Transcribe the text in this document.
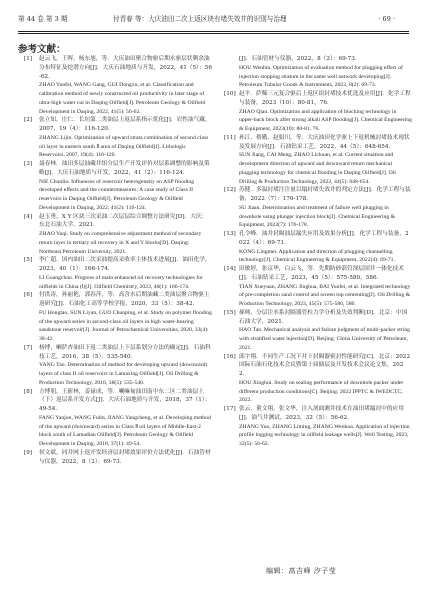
第 44 卷 第 3 期	付青春 等：大庆油田二次上返区块有堵失效井的识别与治理	· 69 ·
参考文献：
[1]	赵云飞，王晖，杨东旭，等．大庆油田聚合物驱后期水驱层状剩余油分布特征及挖潜方向[J]．大庆石油地质与开发，2022，41（5）：56-62．
ZHAO Yunfei, WANG Gang, GUI Dongxu, et al. Classification and calibration method of newly constructed oil productivity in later stage of ultra-high water cut in Daqing Oilfield[J]. Petroleum Geology & Oilfield Development in Daqing, 2022, 41(5): 56-62.
[2]	张立知，庄仁．长垣第二类油层上返层系指示优化[J]．岩性油气藏，2007，19（4）：116-120．
ZHANG Lijin. Optimization of upward strata combination of second class oil layer in eastern south Ⅱ area of Daqing Oilfield[J]. Lithologic Reservoirs, 2007, 19(4): 116-120.
[3]	聂春林．油田多层油藏井组分层生产开发评价对层系调整的影响及策略[J]．大庆石油地质与开发，2022，41（2）：116-124．
NIE Chunlin. Influences of reservoir heterogeneity on ASP flooding developed effects and the countermeasures: A case study of Class II reservoirs in Daqing Oilfield[J]. Petroleum Geology & Oilfield Development in Daqing, 2022, 41(2): 116-124.
[4]	赵玉勇，X Y 区块三次采油二次层层综合调整方法研究[D]．大庆：东北石油大学，2021．
ZHAO Yuqi. Study on comprehensive adjustment method of secondary return layer in tertiary oil recovery in X and Y blocks[D]. Daqing: Northeast Petroleum University, 2021.
[5]	李广超．国内油田二次采油提高采收率主体技术进展[J]．油田化学，2023，40（1）：166-174．
LI Guangchao. Progress of main enhanced oil recovery technologies for oilfields in China (Ⅰ)[J]. Oilfield Chemistry, 2023, 40(1): 166-174.
[6]	付洪涛，孙丽艳，郭春萍，等．高含水后期油藏二类油层聚合物驱上返研究[J]．石油化工高等学校学报，2020，33（5）：38-42．
FU Hongtao, SUN Liyan, GUO Chunping, et al. Study on polymer flooding of the upward series in second-class oil layers in high water-bearing sandstone reservoir[J]. Journal of Petrochemical Universities, 2020, 33(4): 38-42.
[7]	杨博，喇萨杏油田下返二类油层上下层系划分方法的确定[J]．石油科技工艺，2016，38（5）：535-540．
YANG Tao. Determination of method for developing upward (downward) layers of class II oil reservoirs in Lamaxing Oilfield[J]. Oil Drilling & Production Technology, 2016, 38(5): 535-540.
[8]	方博朋，王新林，姜禄成，等．喇嘛甸油田南中东二区二类油层上（下）返层系开发方式[J]．大庆石油地质与开发，2018，37（1）：49-54．
FANG Yanjun, WANG Fulin, JIANG Yangcheng, et al. Developing method of the upward (downward) series in Class Ⅱ oil layers of Middle-East-2 block south of Lamadian Oilfield[J]. Petroleum Geology & Oilfield Development in Daqing, 2018, 37(1): 49-54.
[9]	侯文斌，同井网上返开发经济层封堵效果评价方法优化[J]．石油管材与仪器，2022，8（2）：69-73．
[J]．石油管材与仪器，2022，8（2）：69-73．
HOU Wenbin. Optimization of evaluation method for plugging effect of injection stopping stratum in the same well network developing[J]. Petroleum Tubular Goods & Instruments, 2022, 8(2): 69-73.
[10] 赵平．萨稀三元复合驱后上返区块封堵技术优选及应用[J]．化学工程与装备，2023（10）：80-81，76．
ZHAO Qian. Optimization and application of blocking technology in upper-back block after strong alkali ASP flooding[J]. Chemical Engineering & Equipment, 2023(10): 80-81, 76.
[11] 孙江，蔡勤，赵娟川，等．大庆油田化学驱上下返机械封堵技术现状及发展方向[J]．石油钻采工艺，2022，44（5）：648-654．
SUN Jiang, CAI Meng, ZHAO Lichuan, et al. Current situation and development direction of upward and downward return mechanical plugging technology for chemical flooding in Daqing Oilfield[J]. Oil Drilling & Production Technology, 2022, 44(5): 648-654.
[12] 苏健．多温封堵注注量以塌封堵失效井的判定方法[J]．化学工程与装备，2022（7）：176-178．
SU Jiaan. Determination and treatment of failure well plugging in downhole using plunger injection block[J]. Chemical Engineering & Equipment, 2022(7): 176-178.
[13] 孔令峰．油井封隔油层漏失应用及效果分析[J]．化学工程与装备，2022（4）：69-71．
KONG Lingmei. Application and direction of plugging channelling technology[J]. Chemical Engineering & Equipment, 2022(4): 69-71.
[14] 田敏婷，张京华，白云飞，等．先期防砂箭管深层固井一体化技术[J]．石油钻采工艺，2023，45（5）：575-580，586．
TIAN Xueyuan, ZHANG Jinghua, BAI Yunfei, et al. Integrated technology of pre-completion sand control and screen top cementing[J]. Oil Drilling & Production Technology, 2023, 45(5): 575-580, 586.
[15] 郝帅，分层注水系封隔器管柱力学分析及失效判断[D]．北京：中国石油大学，2021．
HAO Tan. Mechanical analysis and failure judgment of multi-packer string with stratified water injection[D]. Beijing: China University of Petroleum, 2021.
[16] 邱宇翔．不同生产工况下井下封隔器密封性能研究[C]．北京：2022国际石油石化技术会议暨第十届储层及开发技术会议论文集，2022．
HOU Xinghui. Study on sealing performance of downhole packer under different production conditions[C]. Beijing: 2022 IPPTC & IWEDCTC, 2022.
[17] 张云，董文翔，张文华，注入剖面测井技术在油田堵漏封中的应用[J]．油气井测试，2023，32（5）：56-62．
ZHANG Yun, ZHANG Liming, ZHANG Wenhua. Application of injection profile logging technology in oilfield leakage wells[J]. Well Testing, 2023, 32(5): 56-62.
编辑：高吉峰 汐子莹
